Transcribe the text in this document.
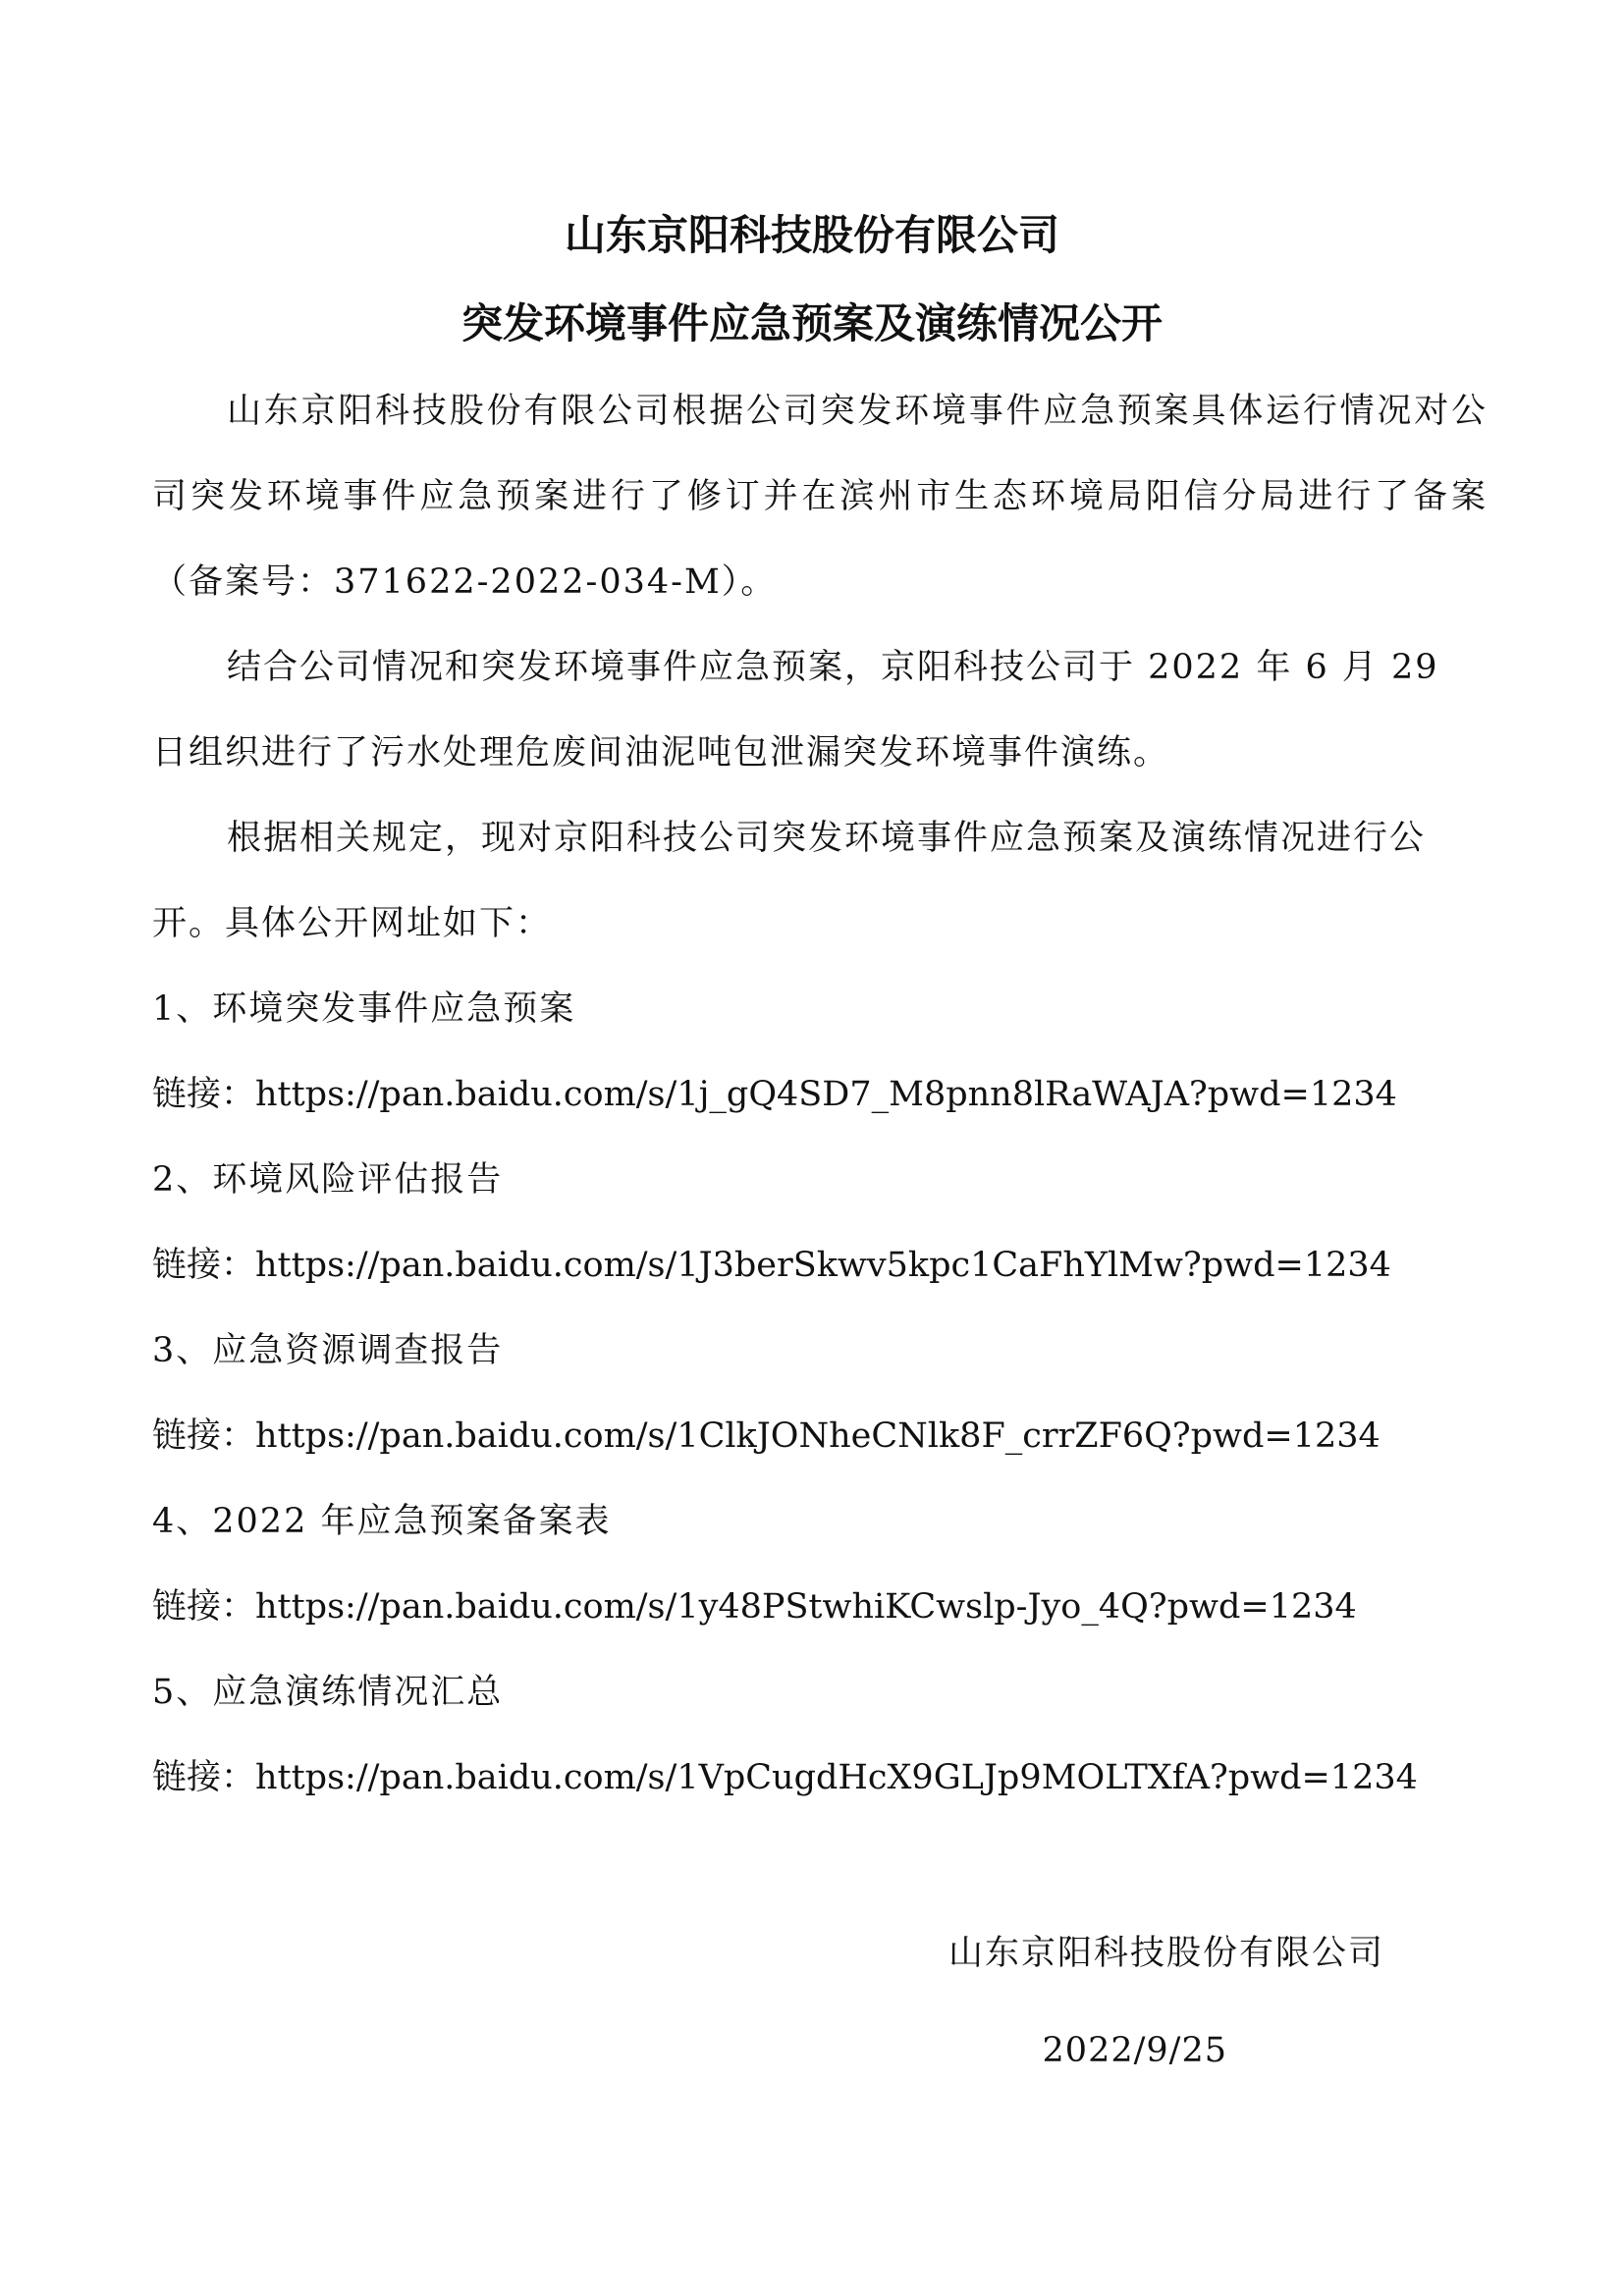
山东京阳科技股份有限公司
突发环境事件应急预案及演练情况公开

山东京阳科技股份有限公司根据公司突发环境事件应急预案具体运行情况对公司突发环境事件应急预案进行了修订并在滨州市生态环境局阳信分局进行了备案（备案号：371622-2022-034-M）。

结合公司情况和突发环境事件应急预案，京阳科技公司于 2022 年 6 月 29 日组织进行了污水处理危废间油泥吨包泄漏突发环境事件演练。

根据相关规定，现对京阳科技公司突发环境事件应急预案及演练情况进行公开。具体公开网址如下：

1、环境突发事件应急预案
链接：https://pan.baidu.com/s/1j_gQ4SD7_M8pnn8lRaWAJA?pwd=1234
2、环境风险评估报告
链接：https://pan.baidu.com/s/1J3berSkwv5kpc1CaFhYlMw?pwd=1234
3、应急资源调查报告
链接：https://pan.baidu.com/s/1ClkJONheCNlk8F_crrZF6Q?pwd=1234
4、2022 年应急预案备案表
链接：https://pan.baidu.com/s/1y48PStwhiKCwslp-Jyo_4Q?pwd=1234
5、应急演练情况汇总
链接：https://pan.baidu.com/s/1VpCugdHcX9GLJp9MOLTXfA?pwd=1234
山东京阳科技股份有限公司
2022/9/25
